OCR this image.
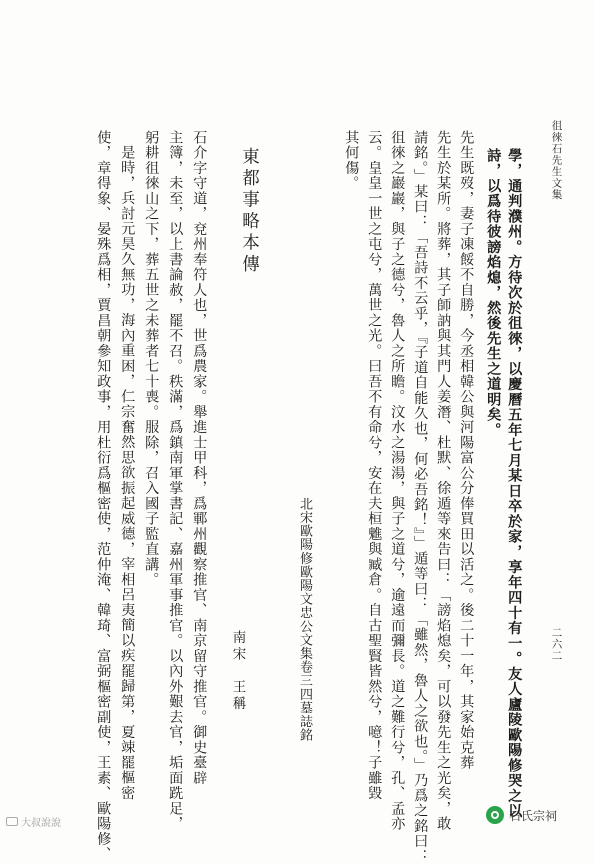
徂徠石先生文集
二六二
學，通判濮州。方待次於徂徠，以慶曆五年七月某日卒於家，享年四十有一。友人廬陵歐陽修哭之以
詩，以爲待彼謗焰熄，然後先生之道明矣。
先生既歿，妻子凍餒不自勝，今丞相韓公與河陽富公分俸買田以活之。後二十一年，其家始克葬
先生於某所。將葬，其子師訥與其門人姜潛、杜默、徐遁等來告曰：「謗焰熄矣，可以發先生之光矣，敢
請銘。」某曰：「吾詩不云乎，『子道自能久也，何必吾銘！』」遁等曰：「雖然，魯人之欲也。」乃爲之銘曰：
徂徠之巖巖，與子之德兮，魯人之所瞻。汶水之湯湯，與子之道兮，逾遠而彌長。道之難行兮，孔、孟亦
云。皇皇一世之屯兮，萬世之光。曰吾不有命兮，安在夫桓魋與臧倉。自古聖賢皆然兮，噫！子雖毀
其何傷。
北宋歐陽修歐陽文忠公文集卷三四墓誌銘
東都事略本傳
南宋　王稱
石介字守道，兗州奉符人也，世爲農家。舉進士甲科，爲鄆州觀察推官、南京留守推官。御史臺辟
主簿，未至，以上書論赦，罷不召。秩滿，爲鎮南軍掌書記、嘉州軍事推官。以內外艱去官，垢面跣足，
躬耕徂徠山之下，葬五世之未葬者七十喪。服除，召入國子監直講。
是時，兵討元昊久無功，海內重困，仁宗奮然思欲振起威德，宰相呂夷簡以疾罷歸第，夏竦罷樞密
使，章得象、晏殊爲相，賈昌朝參知政事，用杜衍爲樞密使，范仲淹、韓琦、富弼樞密副使，王素、歐陽修、
大叔說說
石氏宗祠
